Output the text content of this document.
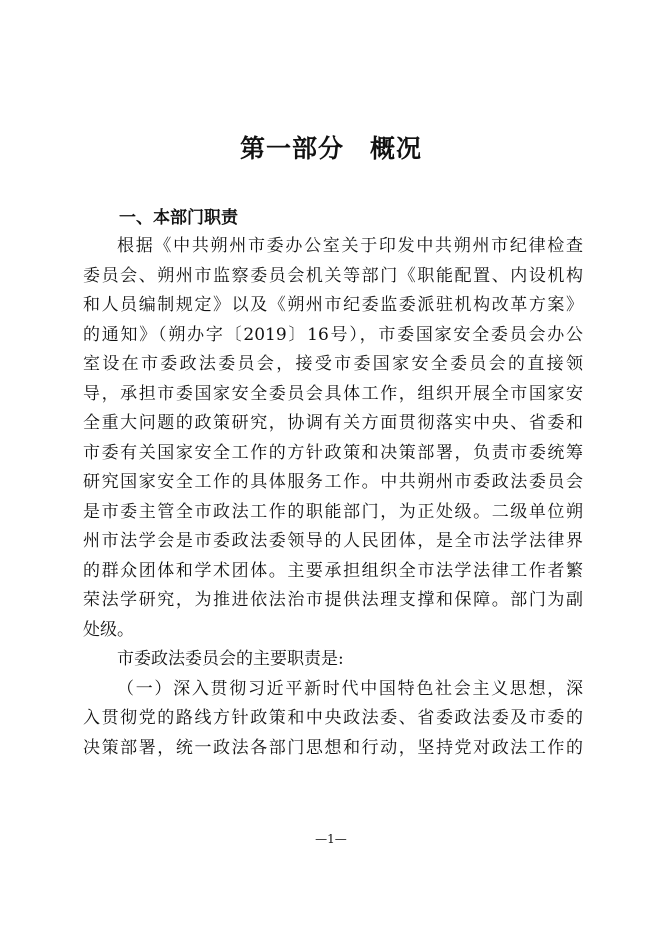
第一部分　概况
一、本部门职责
根据《中共朔州市委办公室关于印发中共朔州市纪律检查
委员会、朔州市监察委员会机关等部门《职能配置、内设机构
和人员编制规定》以及《朔州市纪委监委派驻机构改革方案》
的通知》（朔办字〔2019〕16号），市委国家安全委员会办公
室设在市委政法委员会，接受市委国家安全委员会的直接领
导，承担市委国家安全委员会具体工作，组织开展全市国家安
全重大问题的政策研究，协调有关方面贯彻落实中央、省委和
市委有关国家安全工作的方针政策和决策部署，负责市委统筹
研究国家安全工作的具体服务工作。中共朔州市委政法委员会
是市委主管全市政法工作的职能部门，为正处级。二级单位朔
州市法学会是市委政法委领导的人民团体，是全市法学法律界
的群众团体和学术团体。主要承担组织全市法学法律工作者繁
荣法学研究，为推进依法治市提供法理支撑和保障。部门为副
处级。
市委政法委员会的主要职责是:
（一）深入贯彻习近平新时代中国特色社会主义思想，深
入贯彻党的路线方针政策和中央政法委、省委政法委及市委的
决策部署，统一政法各部门思想和行动，坚持党对政法工作的
—1—
